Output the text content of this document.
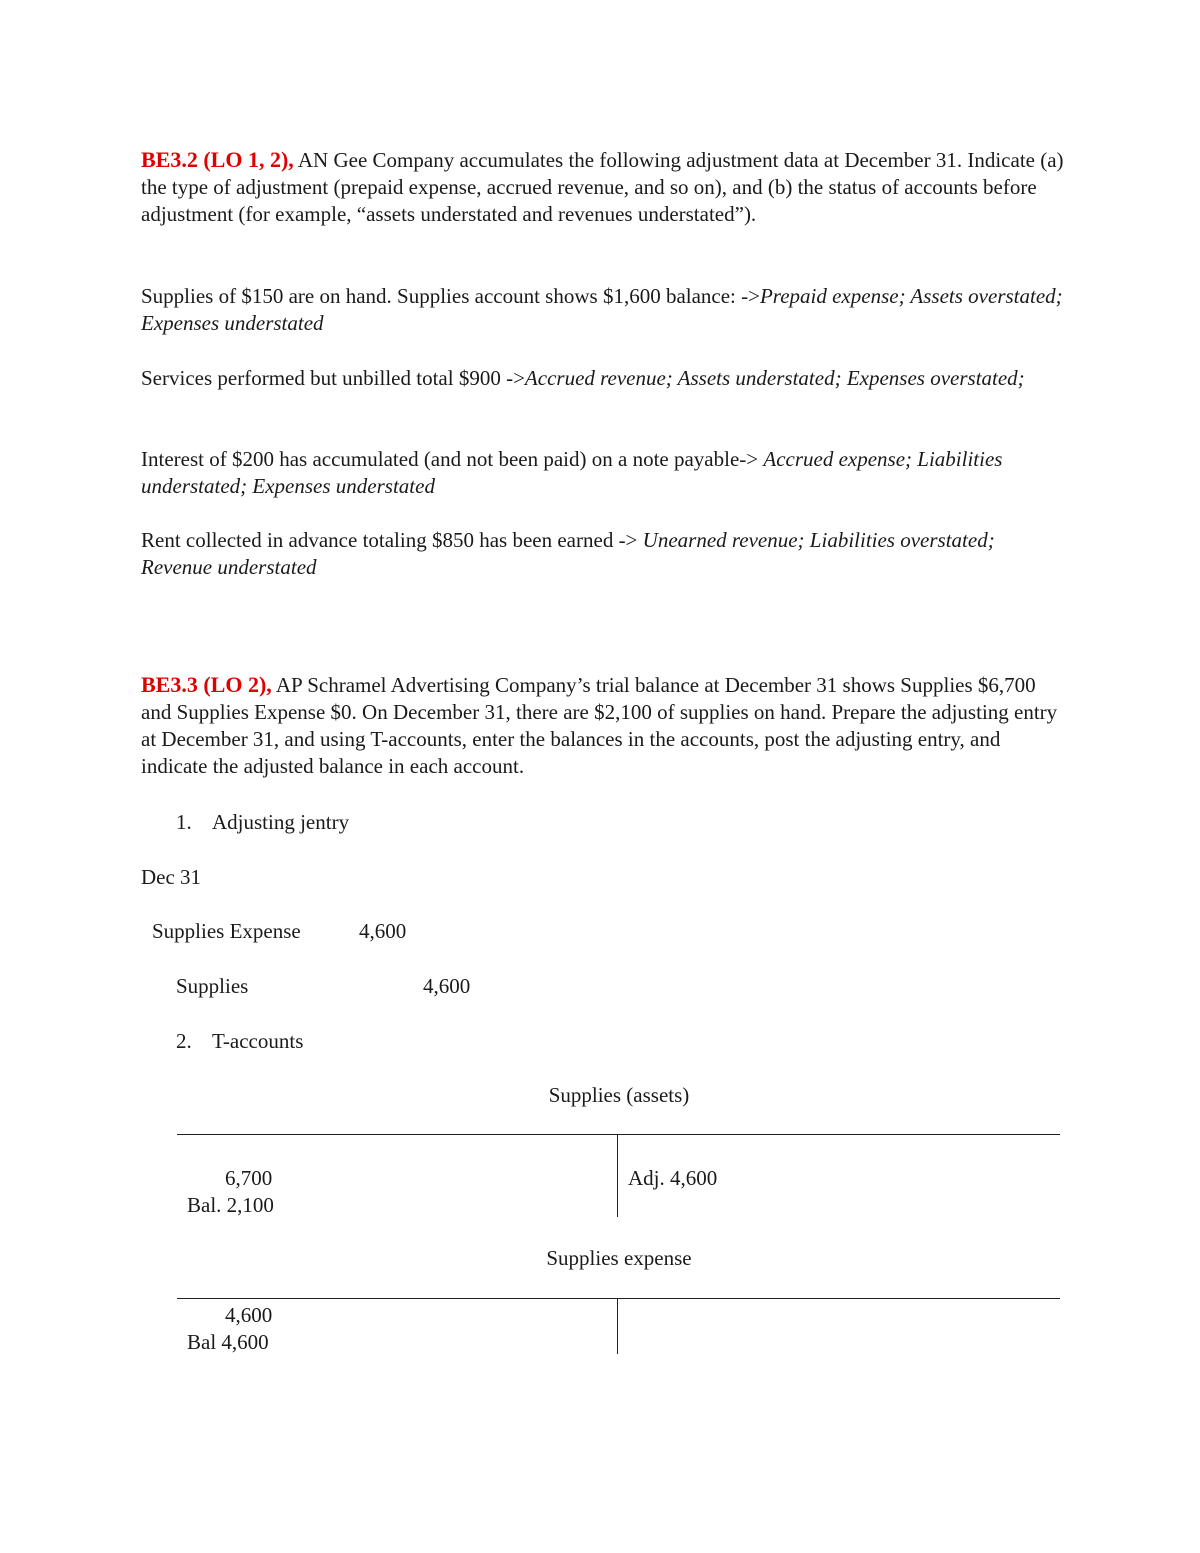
BE3.2 (LO 1, 2), AN Gee Company accumulates the following adjustment data at December 31. Indicate (a) the type of adjustment (prepaid expense, accrued revenue, and so on), and (b) the status of accounts before adjustment (for example, “assets understated and revenues understated”).

Supplies of $150 are on hand. Supplies account shows $1,600 balance: ->Prepaid expense; Assets overstated; Expenses understated

Services performed but unbilled total $900 ->Accrued revenue; Assets understated; Expenses overstated;

Interest of $200 has accumulated (and not been paid) on a note payable-> Accrued expense; Liabilities understated; Expenses understated

Rent collected in advance totaling $850 has been earned -> Unearned revenue; Liabilities overstated; Revenue understated

BE3.3 (LO 2), AP Schramel Advertising Company’s trial balance at December 31 shows Supplies $6,700 and Supplies Expense $0. On December 31, there are $2,100 of supplies on hand. Prepare the adjusting entry at December 31, and using T-accounts, enter the balances in the accounts, post the adjusting entry, and indicate the adjusted balance in each account.

1. Adjusting jentry
Dec 31
Supplies Expense	4,600
Supplies	4,600
2. T-accounts
Supplies (assets)
6,700
Bal. 2,100
Adj. 4,600
Supplies expense
4,600
Bal 4,600
